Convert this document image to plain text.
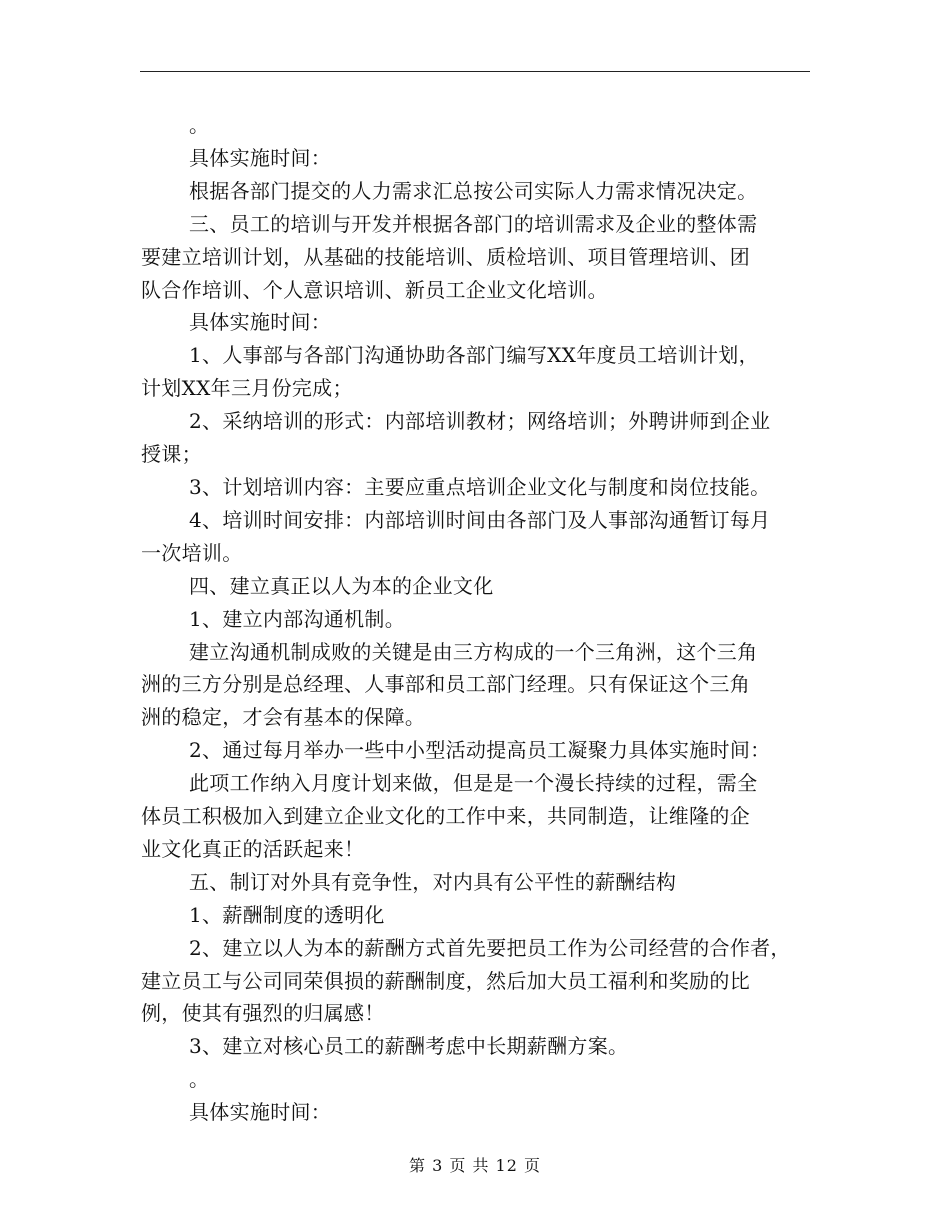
。
具体实施时间：
根据各部门提交的人力需求汇总按公司实际人力需求情况决定。
三、员工的培训与开发并根据各部门的培训需求及企业的整体需
要建立培训计划，从基础的技能培训、质检培训、项目管理培训、团
队合作培训、个人意识培训、新员工企业文化培训。
具体实施时间：
1、人事部与各部门沟通协助各部门编写XX年度员工培训计划，
计划XX年三月份完成；
2、采纳培训的形式：内部培训教材；网络培训；外聘讲师到企业
授课；
3、计划培训内容：主要应重点培训企业文化与制度和岗位技能。
4、培训时间安排：内部培训时间由各部门及人事部沟通暂订每月
一次培训。
四、建立真正以人为本的企业文化
1、建立内部沟通机制。
建立沟通机制成败的关键是由三方构成的一个三角洲，这个三角
洲的三方分别是总经理、人事部和员工部门经理。只有保证这个三角
洲的稳定，才会有基本的保障。
2、通过每月举办一些中小型活动提高员工凝聚力具体实施时间：
此项工作纳入月度计划来做，但是是一个漫长持续的过程，需全
体员工积极加入到建立企业文化的工作中来，共同制造，让维隆的企
业文化真正的活跃起来！
五、制订对外具有竞争性，对内具有公平性的薪酬结构
1、薪酬制度的透明化
2、建立以人为本的薪酬方式首先要把员工作为公司经营的合作者，
建立员工与公司同荣俱损的薪酬制度，然后加大员工福利和奖励的比
例，使其有强烈的归属感！
3、建立对核心员工的薪酬考虑中长期薪酬方案。
。
具体实施时间：
第 3 页 共 12 页
